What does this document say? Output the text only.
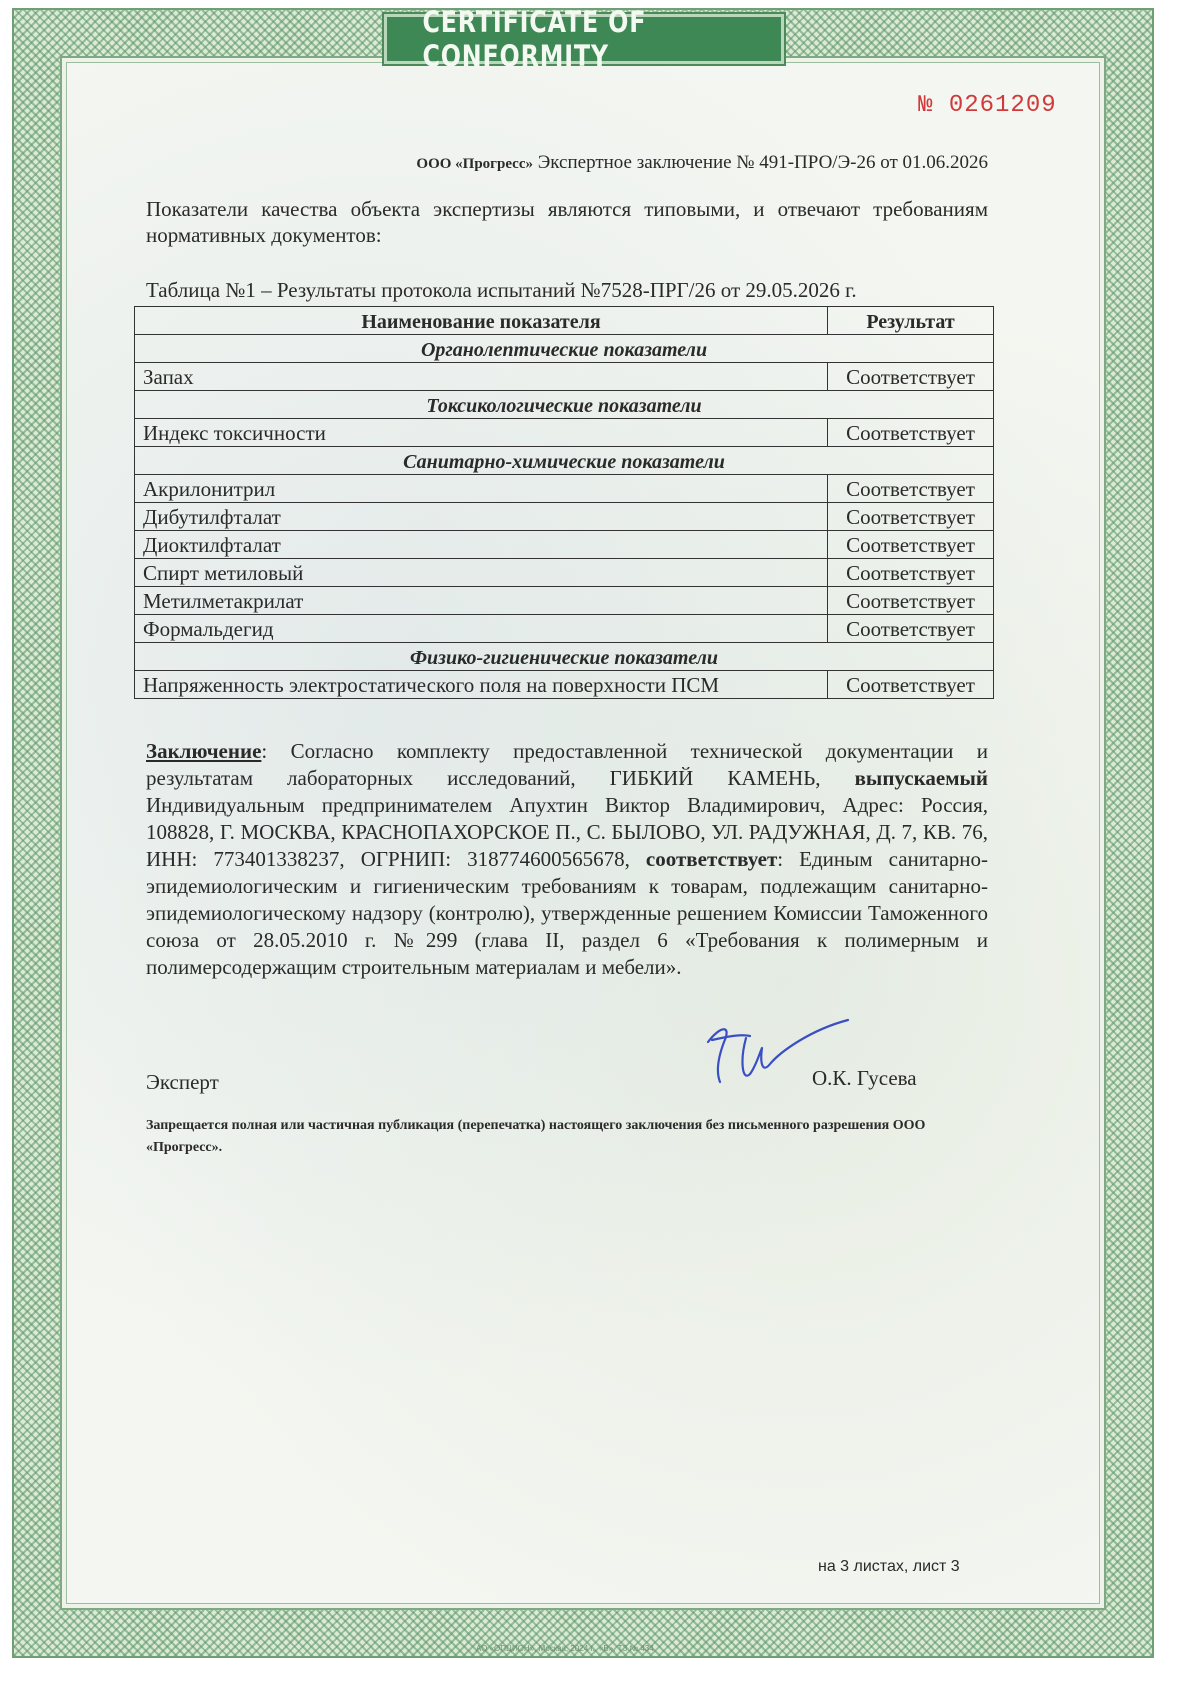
CERTIFICATE OF CONFORMITY
№ 0261209
ООО «Прогресс» Экспертное заключение № 491-ПРО/Э-26 от 01.06.2026
Показатели качества объекта экспертизы являются типовыми, и отвечают требованиям нормативных документов:
Таблица №1 – Результаты протокола испытаний №7528-ПРГ/26 от 29.05.2026 г.
Наименование показателя	Результат
Органолептические показатели	
Запах	Соответствует
Токсикологические показатели	
Индекс токсичности	Соответствует
Санитарно-химические показатели	
Акрилонитрил	Соответствует
Дибутилфталат	Соответствует
Диоктилфталат	Соответствует
Спирт метиловый	Соответствует
Метилметакрилат	Соответствует
Формальдегид	Соответствует
Физико-гигиенические показатели	
Напряженность электростатического поля на поверхности ПСМ	Соответствует
Заключение: Согласно комплекту предоставленной технической документации и результатам лабораторных исследований, ГИБКИЙ КАМЕНЬ, выпускаемый Индивидуальным предпринимателем Апухтин Виктор Владимирович, Адрес: Россия, 108828, Г. МОСКВА, КРАСНОПАХОРСКОЕ П., С. БЫЛОВО, УЛ. РАДУЖНАЯ, Д. 7, КВ. 76, ИНН: 773401338237, ОГРНИП: 318774600565678, соответствует: Единым санитарно-эпидемиологическим и гигиеническим требованиям к товарам, подлежащим санитарно-эпидемиологическому надзору (контролю), утвержденные решением Комиссии Таможенного союза от 28.05.2010 г. №299 (глава II, раздел 6 «Требования к полимерным и полимерсодержащим строительным материалам и мебели».
Эксперт	О.К. Гусева
Запрещается полная или частичная публикация (перепечатка) настоящего заключения без письменного разрешения ООО «Прогресс».
на 3 листах, лист 3
АО «ОПЦИОН», Москва, 2024 г., «В», ТЗ № 434
